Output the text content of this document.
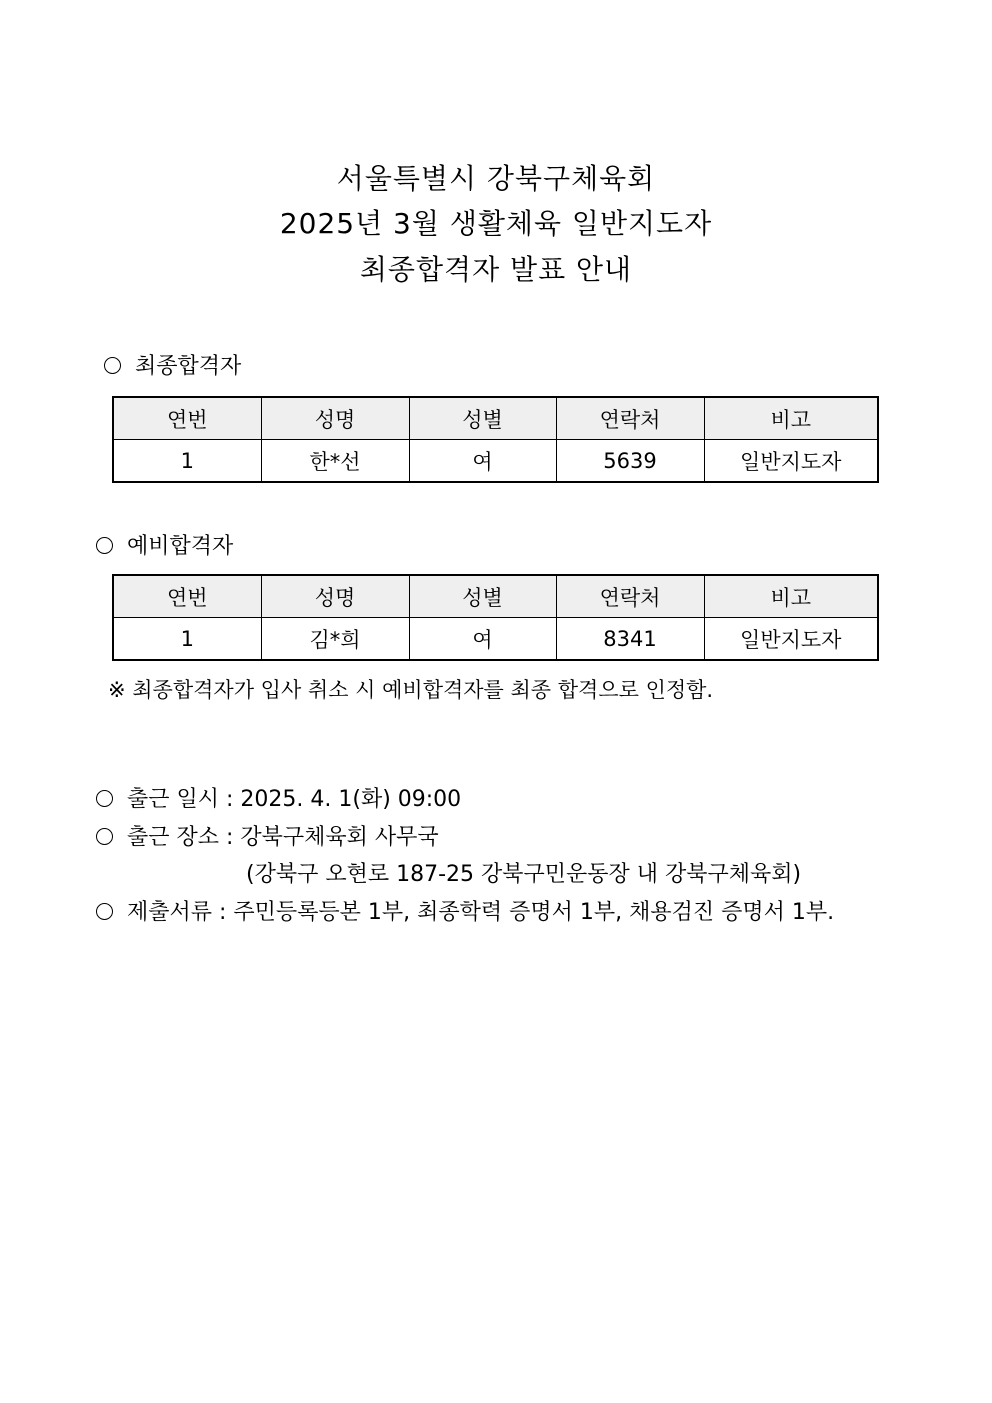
서울특별시 강북구체육회
2025년 3월 생활체육 일반지도자
최종합격자 발표 안내
최종합격자
연번	성명	성별	연락처	비고
1	한*선	여	5639	일반지도자
예비합격자
연번	성명	성별	연락처	비고
1	김*희	여	8341	일반지도자
※ 최종합격자가 입사 취소 시 예비합격자를 최종 합격으로 인정함.
출근 일시 : 2025. 4. 1(화) 09:00
출근 장소 : 강북구체육회 사무국
(강북구 오현로 187-25 강북구민운동장 내 강북구체육회)
제출서류 : 주민등록등본 1부, 최종학력 증명서 1부, 채용검진 증명서 1부.
